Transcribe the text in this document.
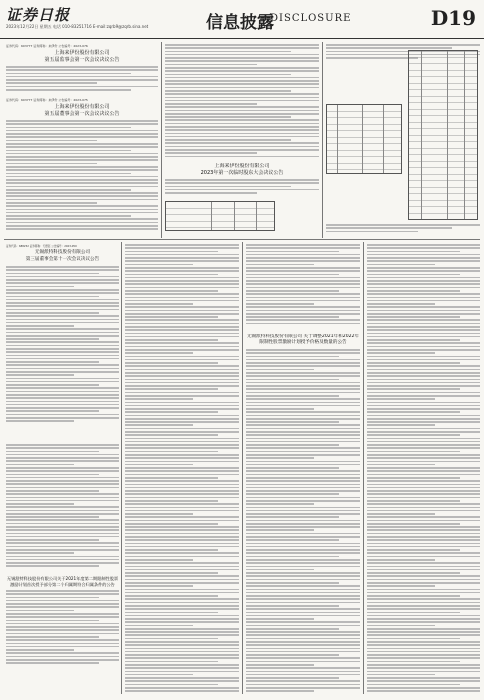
证券日报
2023年12月22日 星期五 电话 010-83251716 E-mail:zqrb9@zqrb.sina.net	信息披露
DISCLOSURE	D19
证券代码：603777 证券简称：来伊份 公告编号：2023-076
上海来伊份股份有限公司
第五届监事会第一次会议决议公告
证券代码：603777 证券简称：来伊份 公告编号：2023-075
上海来伊份股份有限公司
第五届董事会第一次会议决议公告
上海来伊份股份有限公司
2023年第一次临时股东大会决议公告
证券代码：688252 证券简称：天德钰 公告编号：2023-050
无锡派特科技股份有限公司
第三届董事会第十一次会议决议公告
无锡派特科技股份有限公司关于2021年度第二期限制性股票激励计划首次授予部分第二个归属期符合归属条件的公告
无锡派特科技股份有限公司 关于调整2021年和2022年限制性股票激励计划授予价格及数量的公告
